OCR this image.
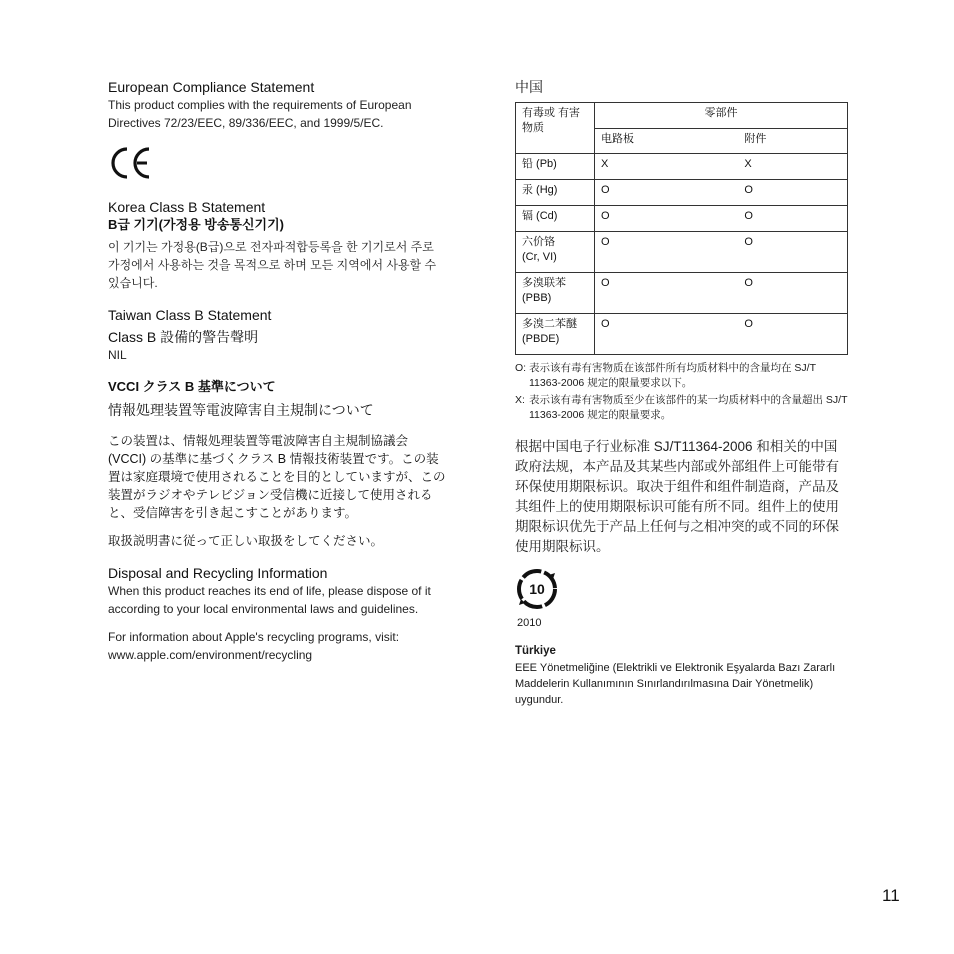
European Compliance Statement

This product complies with the requirements of European Directives 72/23/EEC, 89/336/EEC, and 1999/5/EC.

Korea Class B Statement

B급 기기(가정용 방송통신기기)

이 기기는 가정용(B급)으로 전자파적합등록을 한 기기로서 주로 가정에서 사용하는 것을 목적으로 하며 모든 지역에서 사용할 수 있습니다.

Taiwan Class B Statement

Class B 設備的警告聲明

NIL

VCCI クラス B 基準について

情報処理装置等電波障害自主規制について

この装置は、情報処理装置等電波障害自主規制協議会 (VCCI) の基準に基づくクラス B 情報技術装置です。この装置は家庭環境で使用されることを目的としていますが、この装置がラジオやテレビジョン受信機に近接して使用されると、受信障害を引き起こすことがあります。

取扱説明書に従って正しい取扱をしてください。

Disposal and Recycling Information

When this product reaches its end of life, please dispose of it according to your local environmental laws and guidelines.

For information about Apple's recycling programs, visit: www.apple.com/environment/recycling

中国

有毒或 有害物质	零部件	
	电路板	附件
铅 (Pb)	X	X
汞 (Hg)	O	O
镉 (Cd)	O	O

六价铬
(Cr, VI)	O	O

多溴联苯
(PBB)	O	O

多溴二苯醚
(PBDE)	O	O
O: 表示该有毒有害物质在该部件所有均质材料中的含量均在 SJ/T 11363-2006 规定的限量要求以下。
X: 表示该有毒有害物质至少在该部件的某一均质材料中的含量超出 SJ/T 11363-2006 规定的限量要求。

根据中国电子行业标准 SJ/T11364-2006 和相关的中国政府法规，本产品及其某些内部或外部组件上可能带有环保使用期限标识。取决于组件和组件制造商，产品及其组件上的使用期限标识可能有所不同。组件上的使用期限标识优先于产品上任何与之相冲突的或不同的环保使用期限标识。

10

2010

Türkiye

EEE Yönetmeliğine (Elektrikli ve Elektronik Eşyalarda Bazı Zararlı Maddelerin Kullanımının Sınırlandırılmasına Dair Yönetmelik) uygundur.

11
